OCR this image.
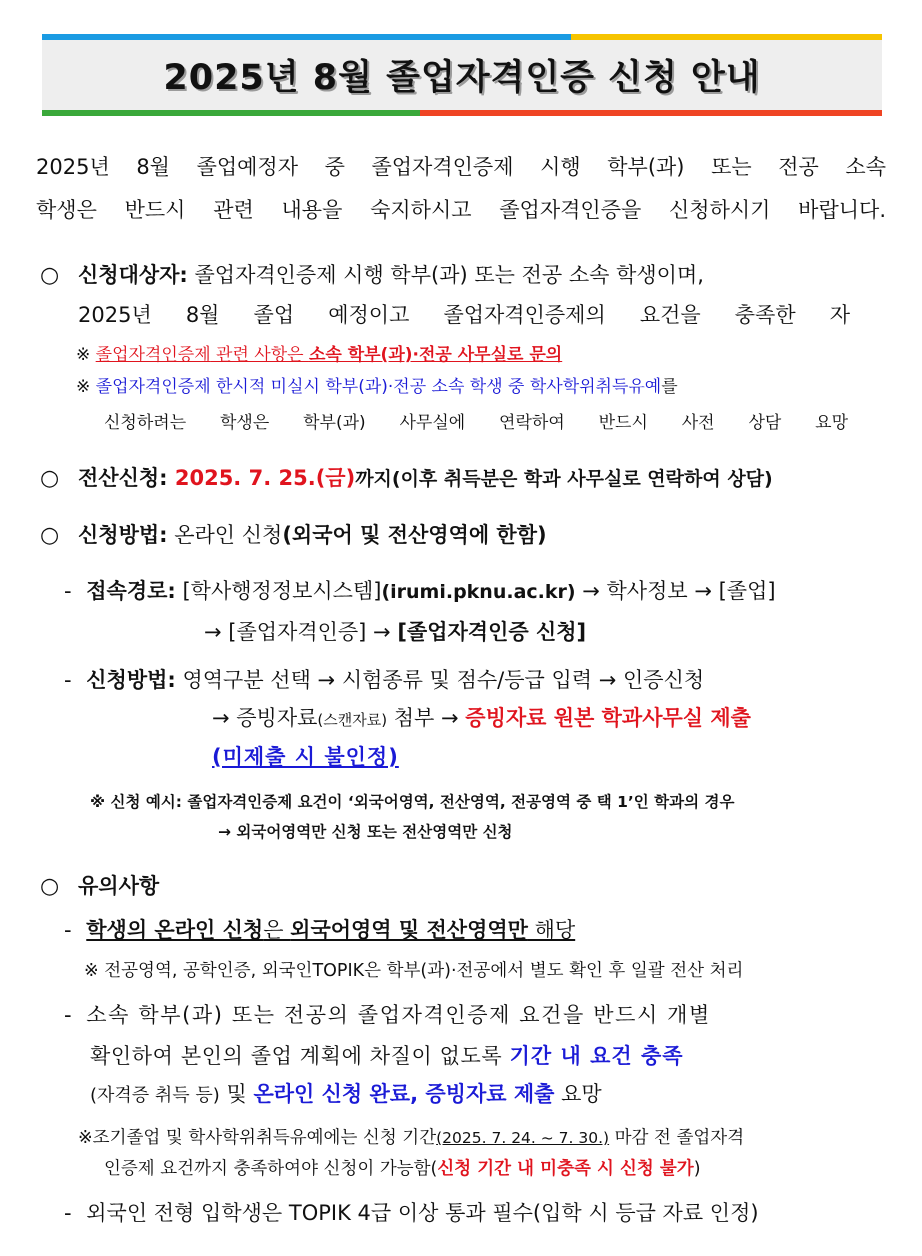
2025년 8월 졸업자격인증 신청 안내
2025년 8월 졸업예정자 중 졸업자격인증제 시행 학부(과) 또는 전공 소속
학생은 반드시 관련 내용을 숙지하시고 졸업자격인증을 신청하시기 바랍니다.
○ 신청대상자: 졸업자격인증제 시행 학부(과) 또는 전공 소속 학생이며,
2025년 8월 졸업 예정이고 졸업자격인증제의 요건을 충족한 자
※ 졸업자격인증제 관련 사항은 소속 학부(과)·전공 사무실로 문의
※ 졸업자격인증제 한시적 미실시 학부(과)·전공 소속 학생 중 학사학위취득유예를
신청하려는 학생은 학부(과) 사무실에 연락하여 반드시 사전 상담 요망
○ 전산신청: 2025. 7. 25.(금)까지(이후 취득분은 학과 사무실로 연락하여 상담)
○ 신청방법: 온라인 신청(외국어 및 전산영역에 한함)
- 접속경로: [학사행정정보시스템](irumi.pknu.ac.kr) → 학사정보 → [졸업]
→ [졸업자격인증] → [졸업자격인증 신청]
- 신청방법: 영역구분 선택 → 시험종류 및 점수/등급 입력 → 인증신청
→ 증빙자료(스캔자료) 첨부 → 증빙자료 원본 학과사무실 제출
(미제출 시 불인정)
※ 신청 예시: 졸업자격인증제 요건이 ‘외국어영역, 전산영역, 전공영역 중 택 1’인 학과의 경우
→ 외국어영역만 신청 또는 전산영역만 신청
○ 유의사항
- 학생의 온라인 신청은 외국어영역 및 전산영역만 해당
※ 전공영역, 공학인증, 외국인TOPIK은 학부(과)·전공에서 별도 확인 후 일괄 전산 처리
- 소속 학부(과) 또는 전공의 졸업자격인증제 요건을 반드시 개별
확인하여 본인의 졸업 계획에 차질이 없도록 기간 내 요건 충족
(자격증 취득 등) 및 온라인 신청 완료, 증빙자료 제출 요망
※조기졸업 및 학사학위취득유예에는 신청 기간(2025. 7. 24. ~ 7. 30.) 마감 전 졸업자격
인증제 요건까지 충족하여야 신청이 가능함(신청 기간 내 미충족 시 신청 불가)
- 외국인 전형 입학생은 TOPIK 4급 이상 통과 필수(입학 시 등급 자료 인정)
